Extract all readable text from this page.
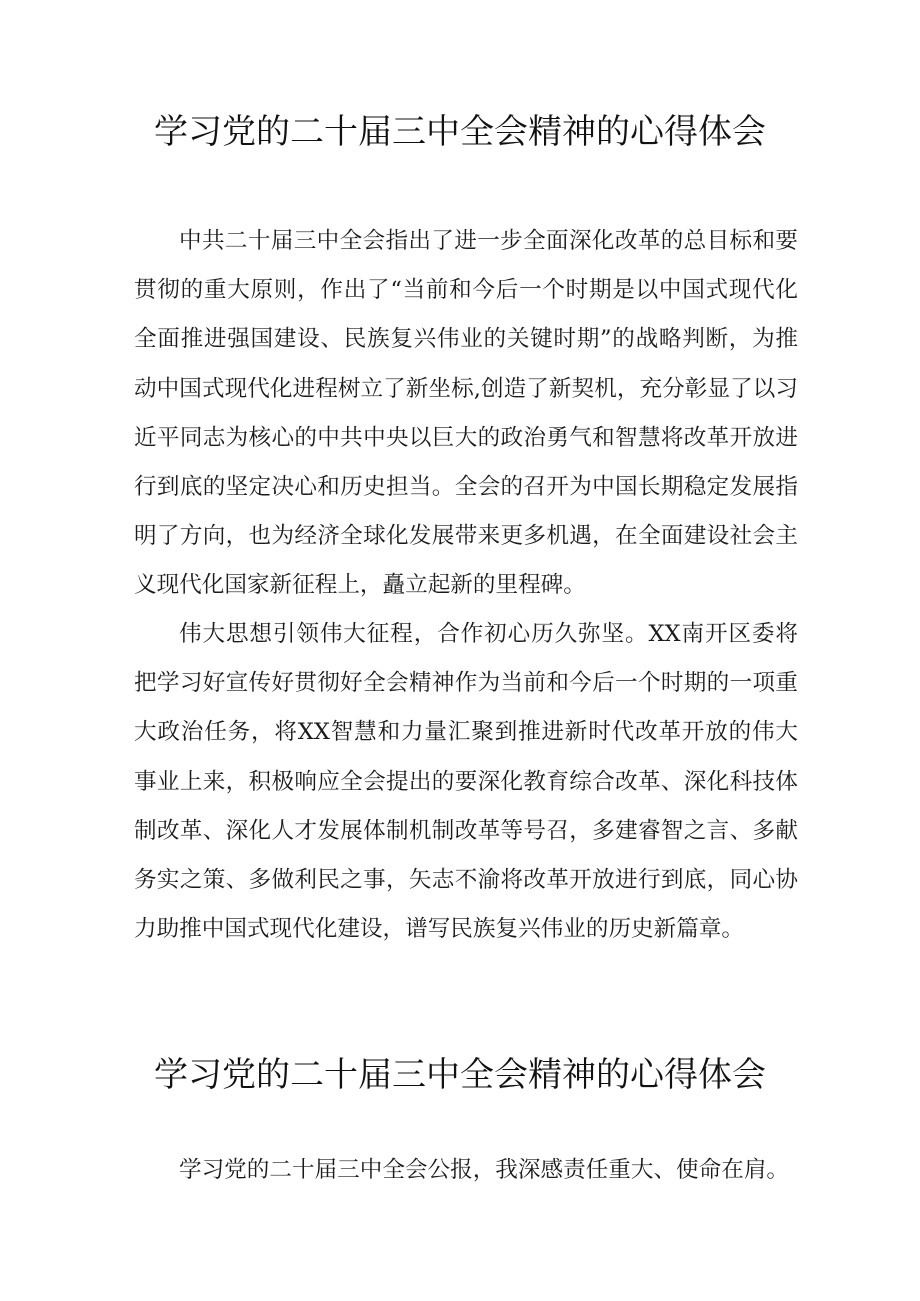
学习党的二十届三中全会精神的心得体会

中共二十届三中全会指出了进一步全面深化改革的总目标和要贯彻的重大原则，作出了“当前和今后一个时期是以中国式现代化全面推进强国建设、民族复兴伟业的关键时期”的战略判断，为推动中国式现代化进程树立了新坐标,创造了新契机，充分彰显了以习近平同志为核心的中共中央以巨大的政治勇气和智慧将改革开放进行到底的坚定决心和历史担当。全会的召开为中国长期稳定发展指明了方向，也为经济全球化发展带来更多机遇，在全面建设社会主义现代化国家新征程上，矗立起新的里程碑。

伟大思想引领伟大征程，合作初心历久弥坚。XX南开区委将把学习好宣传好贯彻好全会精神作为当前和今后一个时期的一项重大政治任务，将XX智慧和力量汇聚到推进新时代改革开放的伟大事业上来，积极响应全会提出的要深化教育综合改革、深化科技体制改革、深化人才发展体制机制改革等号召，多建睿智之言、多献务实之策、多做利民之事，矢志不渝将改革开放进行到底，同心协力助推中国式现代化建设，谱写民族复兴伟业的历史新篇章。

学习党的二十届三中全会精神的心得体会

学习党的二十届三中全会公报，我深感责任重大、使命在肩。
